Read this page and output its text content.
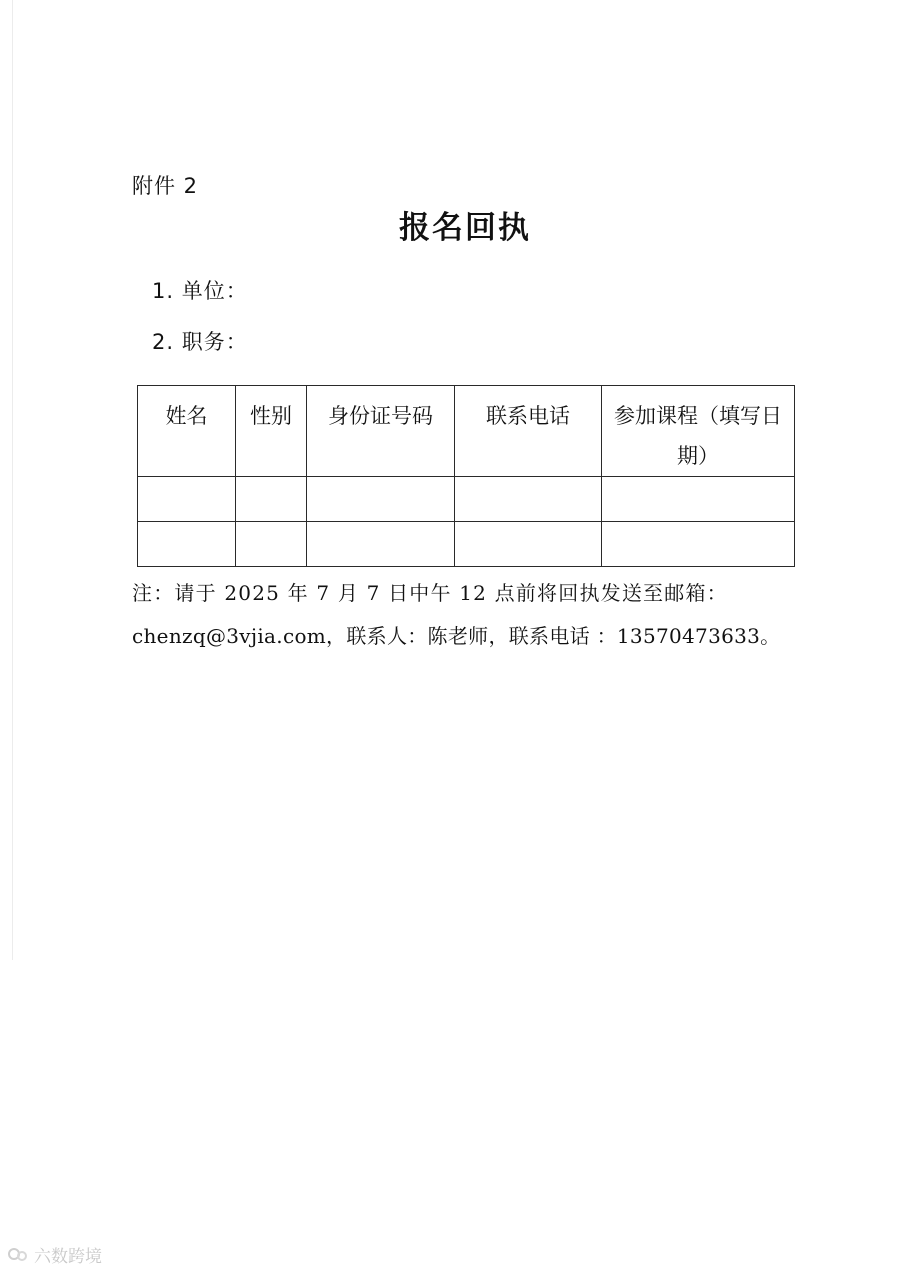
附件 2
报名回执
1. 单位：
2. 职务：
姓名	性别	身份证号码	联系电话	参加课程（填写日期）

注：请于 2025 年 7 月 7 日中午 12 点前将回执发送至邮箱：
chenzq@3vjia.com，联系人：陈老师，联系电话 ：13570473633。
六数跨境
